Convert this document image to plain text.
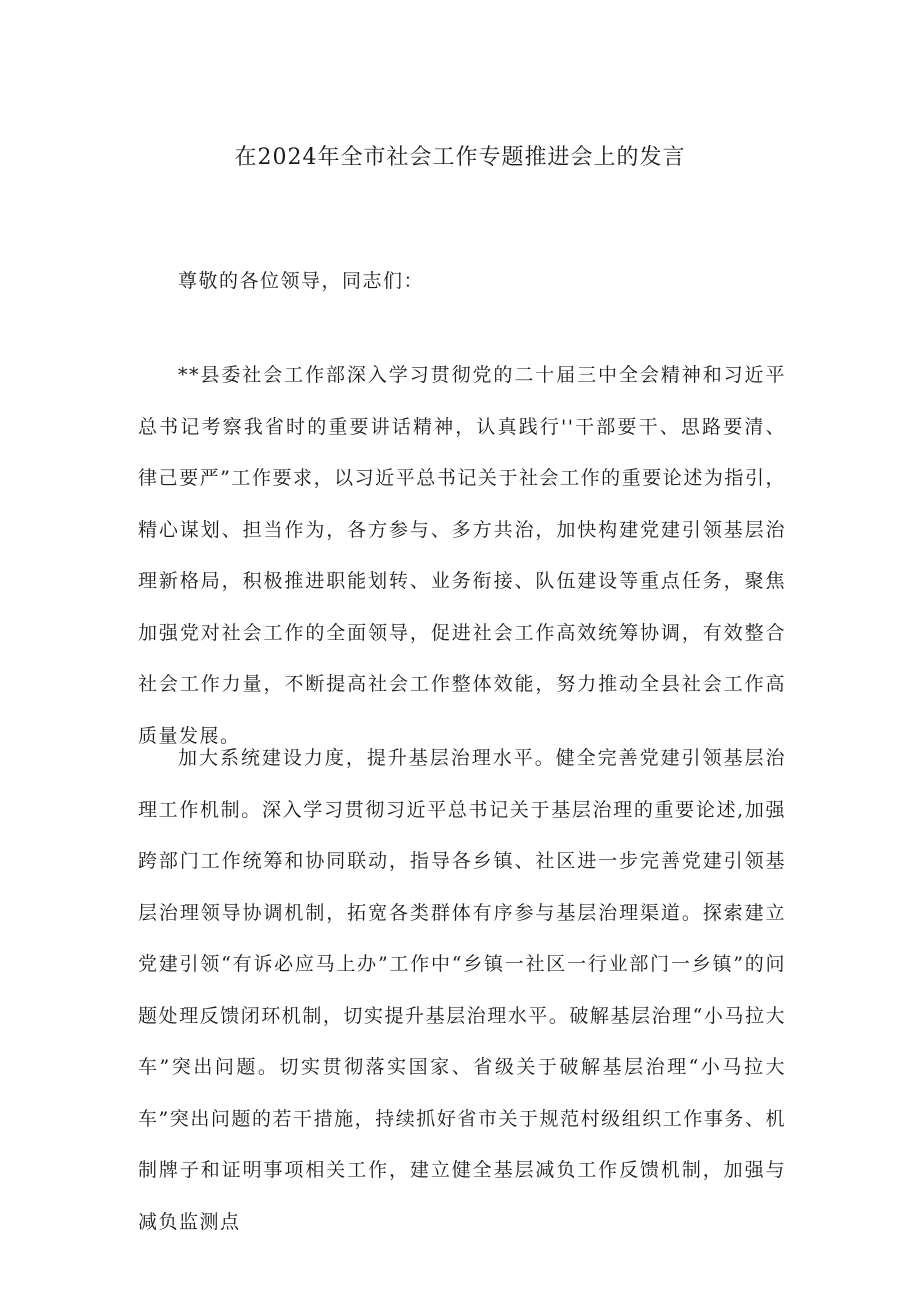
在2024年全市社会工作专题推进会上的发言

尊敬的各位领导，同志们：

**县委社会工作部深入学习贯彻党的二十届三中全会精神和习近平总书记考察我省时的重要讲话精神，认真践行''干部要干、思路要清、律己要严”工作要求，以习近平总书记关于社会工作的重要论述为指引，精心谋划、担当作为，各方参与、多方共治，加快构建党建引领基层治理新格局，积极推进职能划转、业务衔接、队伍建设等重点任务，聚焦加强党对社会工作的全面领导，促进社会工作高效统筹协调，有效整合社会工作力量，不断提高社会工作整体效能，努力推动全县社会工作高质量发展。

加大系统建设力度，提升基层治理水平。健全完善党建引领基层治理工作机制。深入学习贯彻习近平总书记关于基层治理的重要论述,加强跨部门工作统筹和协同联动，指导各乡镇、社区进一步完善党建引领基层治理领导协调机制，拓宽各类群体有序参与基层治理渠道。探索建立党建引领“有诉必应马上办”工作中“乡镇一社区一行业部门一乡镇”的问题处理反馈闭环机制，切实提升基层治理水平。破解基层治理“小马拉大车”突出问题。切实贯彻落实国家、省级关于破解基层治理“小马拉大车”突出问题的若干措施，持续抓好省市关于规范村级组织工作事务、机制牌子和证明事项相关工作，建立健全基层减负工作反馈机制，加强与减负监测点
